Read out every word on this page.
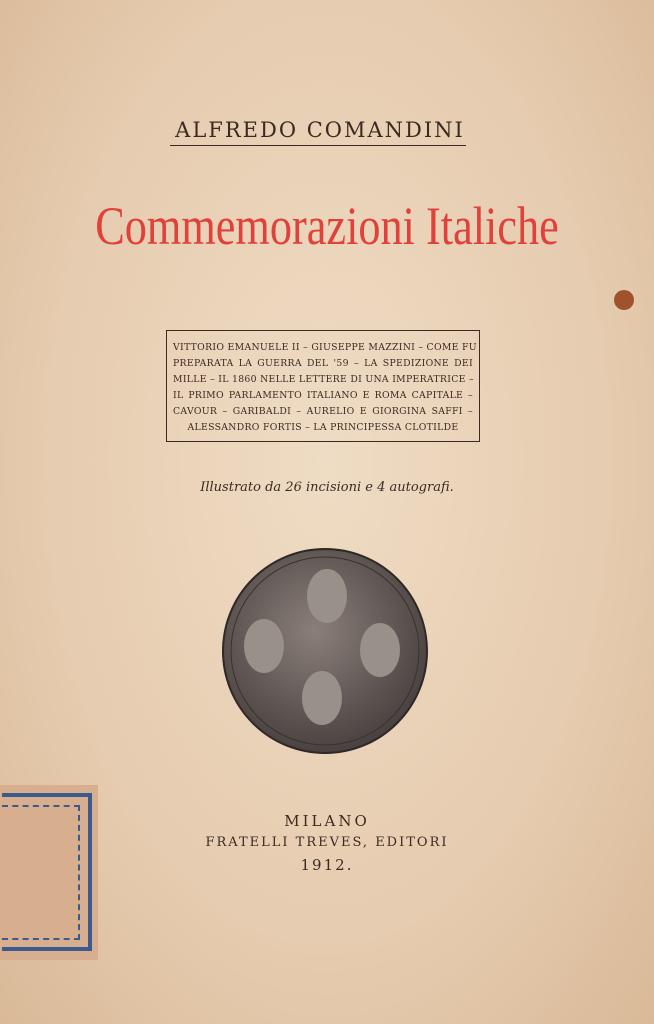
ALFREDO COMANDINI
Commemorazioni Italiche
VITTORIO EMANUELE II – GIUSEPPE MAZZINI – COME FU
PREPARATA LA GUERRA DEL '59 – LA SPEDIZIONE DEI
MILLE – IL 1860 NELLE LETTERE DI UNA IMPERATRICE –
IL PRIMO PARLAMENTO ITALIANO E ROMA CAPITALE –
CAVOUR – GARIBALDI – AURELIO E GIORGINA SAFFI –
ALESSANDRO FORTIS – LA PRINCIPESSA CLOTILDE
Illustrato da 26 incisioni e 4 autografi.
MILANO
FRATELLI TREVES, EDITORI
1912.
